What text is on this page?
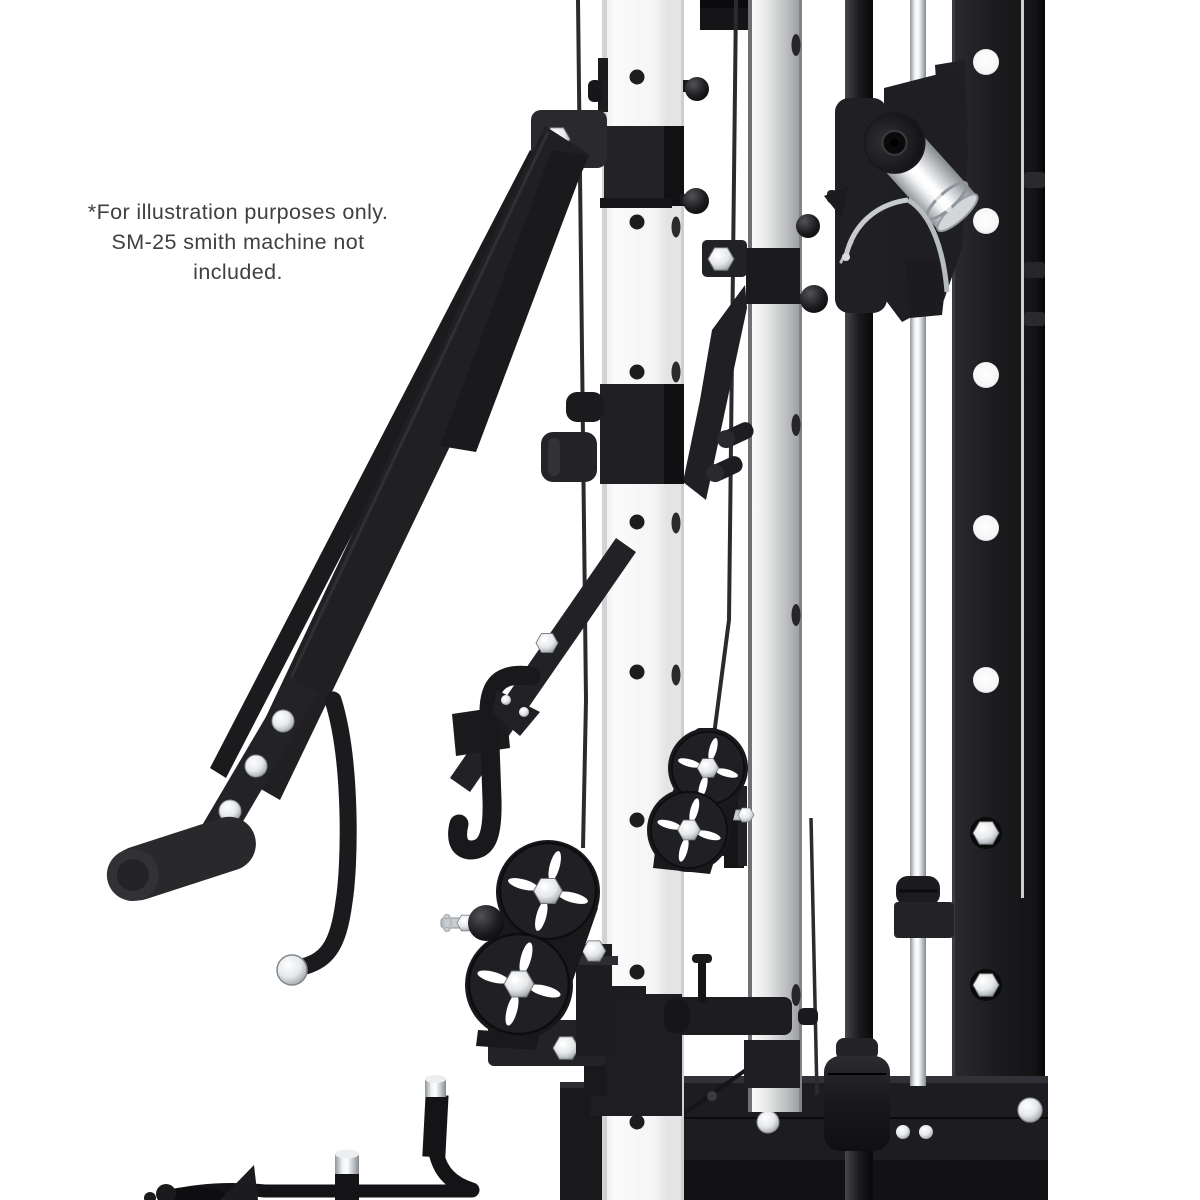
*For illustration purposes only.
SM-25 smith machine not included.
